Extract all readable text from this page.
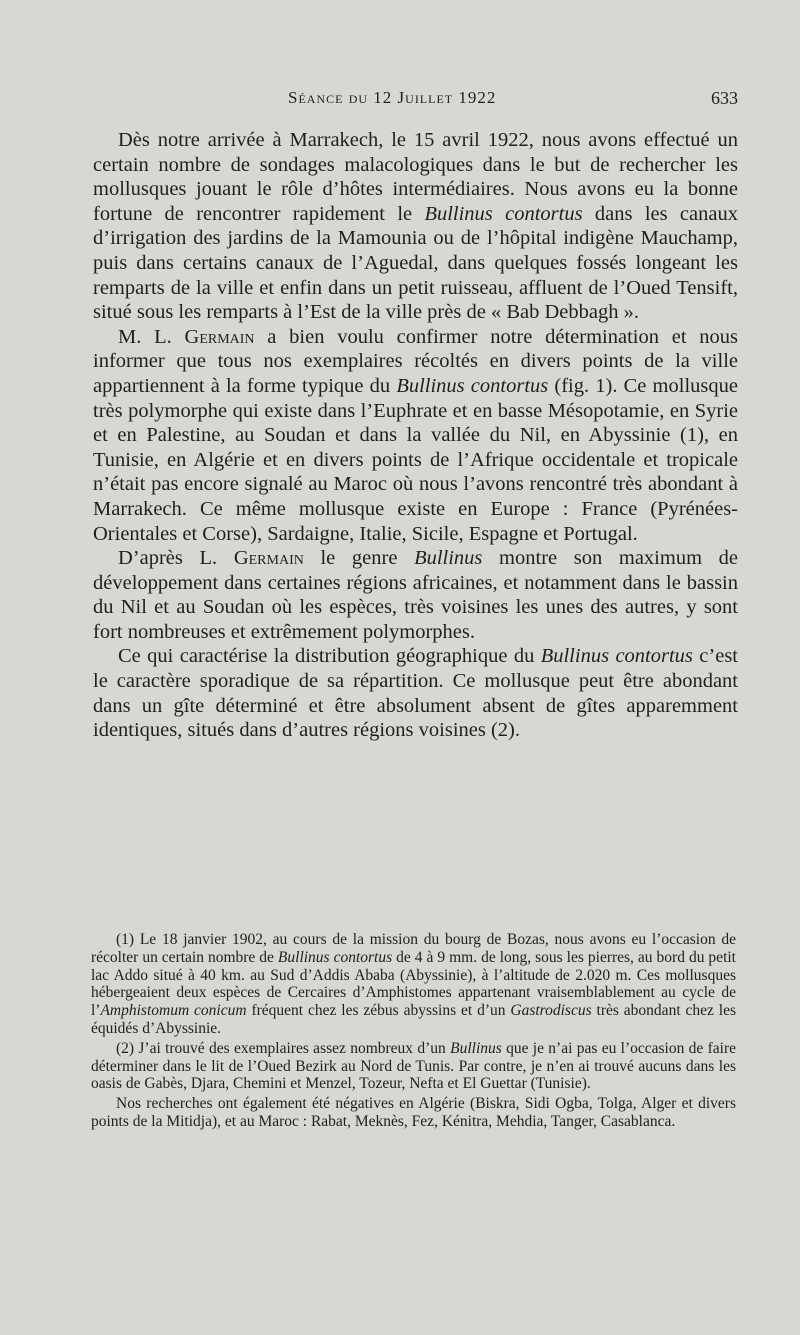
Séance du 12 Juillet 1922	633

Dès notre arrivée à Marrakech, le 15 avril 1922, nous avons effectué un certain nombre de sondages malacologiques dans le but de rechercher les mollusques jouant le rôle d’hôtes intermédiaires. Nous avons eu la bonne fortune de rencontrer rapidement le Bullinus contortus dans les canaux d’irrigation des jardins de la Mamounia ou de l’hôpital indigène Mauchamp, puis dans certains canaux de l’Aguedal, dans quelques fossés longeant les remparts de la ville et enfin dans un petit ruisseau, affluent de l’Oued Tensift, situé sous les remparts à l’Est de la ville près de « Bab Debbagh ».

M. L. Germain a bien voulu confirmer notre détermination et nous informer que tous nos exemplaires récoltés en divers points de la ville appartiennent à la forme typique du Bullinus contortus (fig. 1). Ce mollusque très polymorphe qui existe dans l’Euphrate et en basse Mésopotamie, en Syrie et en Palestine, au Soudan et dans la vallée du Nil, en Abyssinie (1), en Tunisie, en Algérie et en divers points de l’Afrique occidentale et tropicale n’était pas encore signalé au Maroc où nous l’avons rencontré très abondant à Marrakech. Ce même mollusque existe en Europe : France (Pyrénées-Orientales et Corse), Sardaigne, Italie, Sicile, Espagne et Portugal.

D’après L. Germain le genre Bullinus montre son maximum de développement dans certaines régions africaines, et notamment dans le bassin du Nil et au Soudan où les espèces, très voisines les unes des autres, y sont fort nombreuses et extrêmement polymorphes.

Ce qui caractérise la distribution géographique du Bullinus contortus c’est le caractère sporadique de sa répartition. Ce mollusque peut être abondant dans un gîte déterminé et être absolument absent de gîtes apparemment identiques, situés dans d’autres régions voisines (2).

(1) Le 18 janvier 1902, au cours de la mission du bourg de Bozas, nous avons eu l’occasion de récolter un certain nombre de Bullinus contortus de 4 à 9 mm. de long, sous les pierres, au bord du petit lac Addo situé à 40 km. au Sud d’Addis Ababa (Abyssinie), à l’altitude de 2.020 m. Ces mollusques hébergeaient deux espèces de Cercaires d’Amphistomes appartenant vraisemblablement au cycle de l’Amphistomum conicum fréquent chez les zébus abyssins et d’un Gastrodiscus très abondant chez les équidés d’Abyssinie.

(2) J’ai trouvé des exemplaires assez nombreux d’un Bullinus que je n’ai pas eu l’occasion de faire déterminer dans le lit de l’Oued Bezirk au Nord de Tunis. Par contre, je n’en ai trouvé aucuns dans les oasis de Gabès, Djara, Chemini et Menzel, Tozeur, Nefta et El Guettar (Tunisie).

Nos recherches ont également été négatives en Algérie (Biskra, Sidi Ogba, Tolga, Alger et divers points de la Mitidja), et au Maroc : Rabat, Meknès, Fez, Kénitra, Mehdia, Tanger, Casablanca.
